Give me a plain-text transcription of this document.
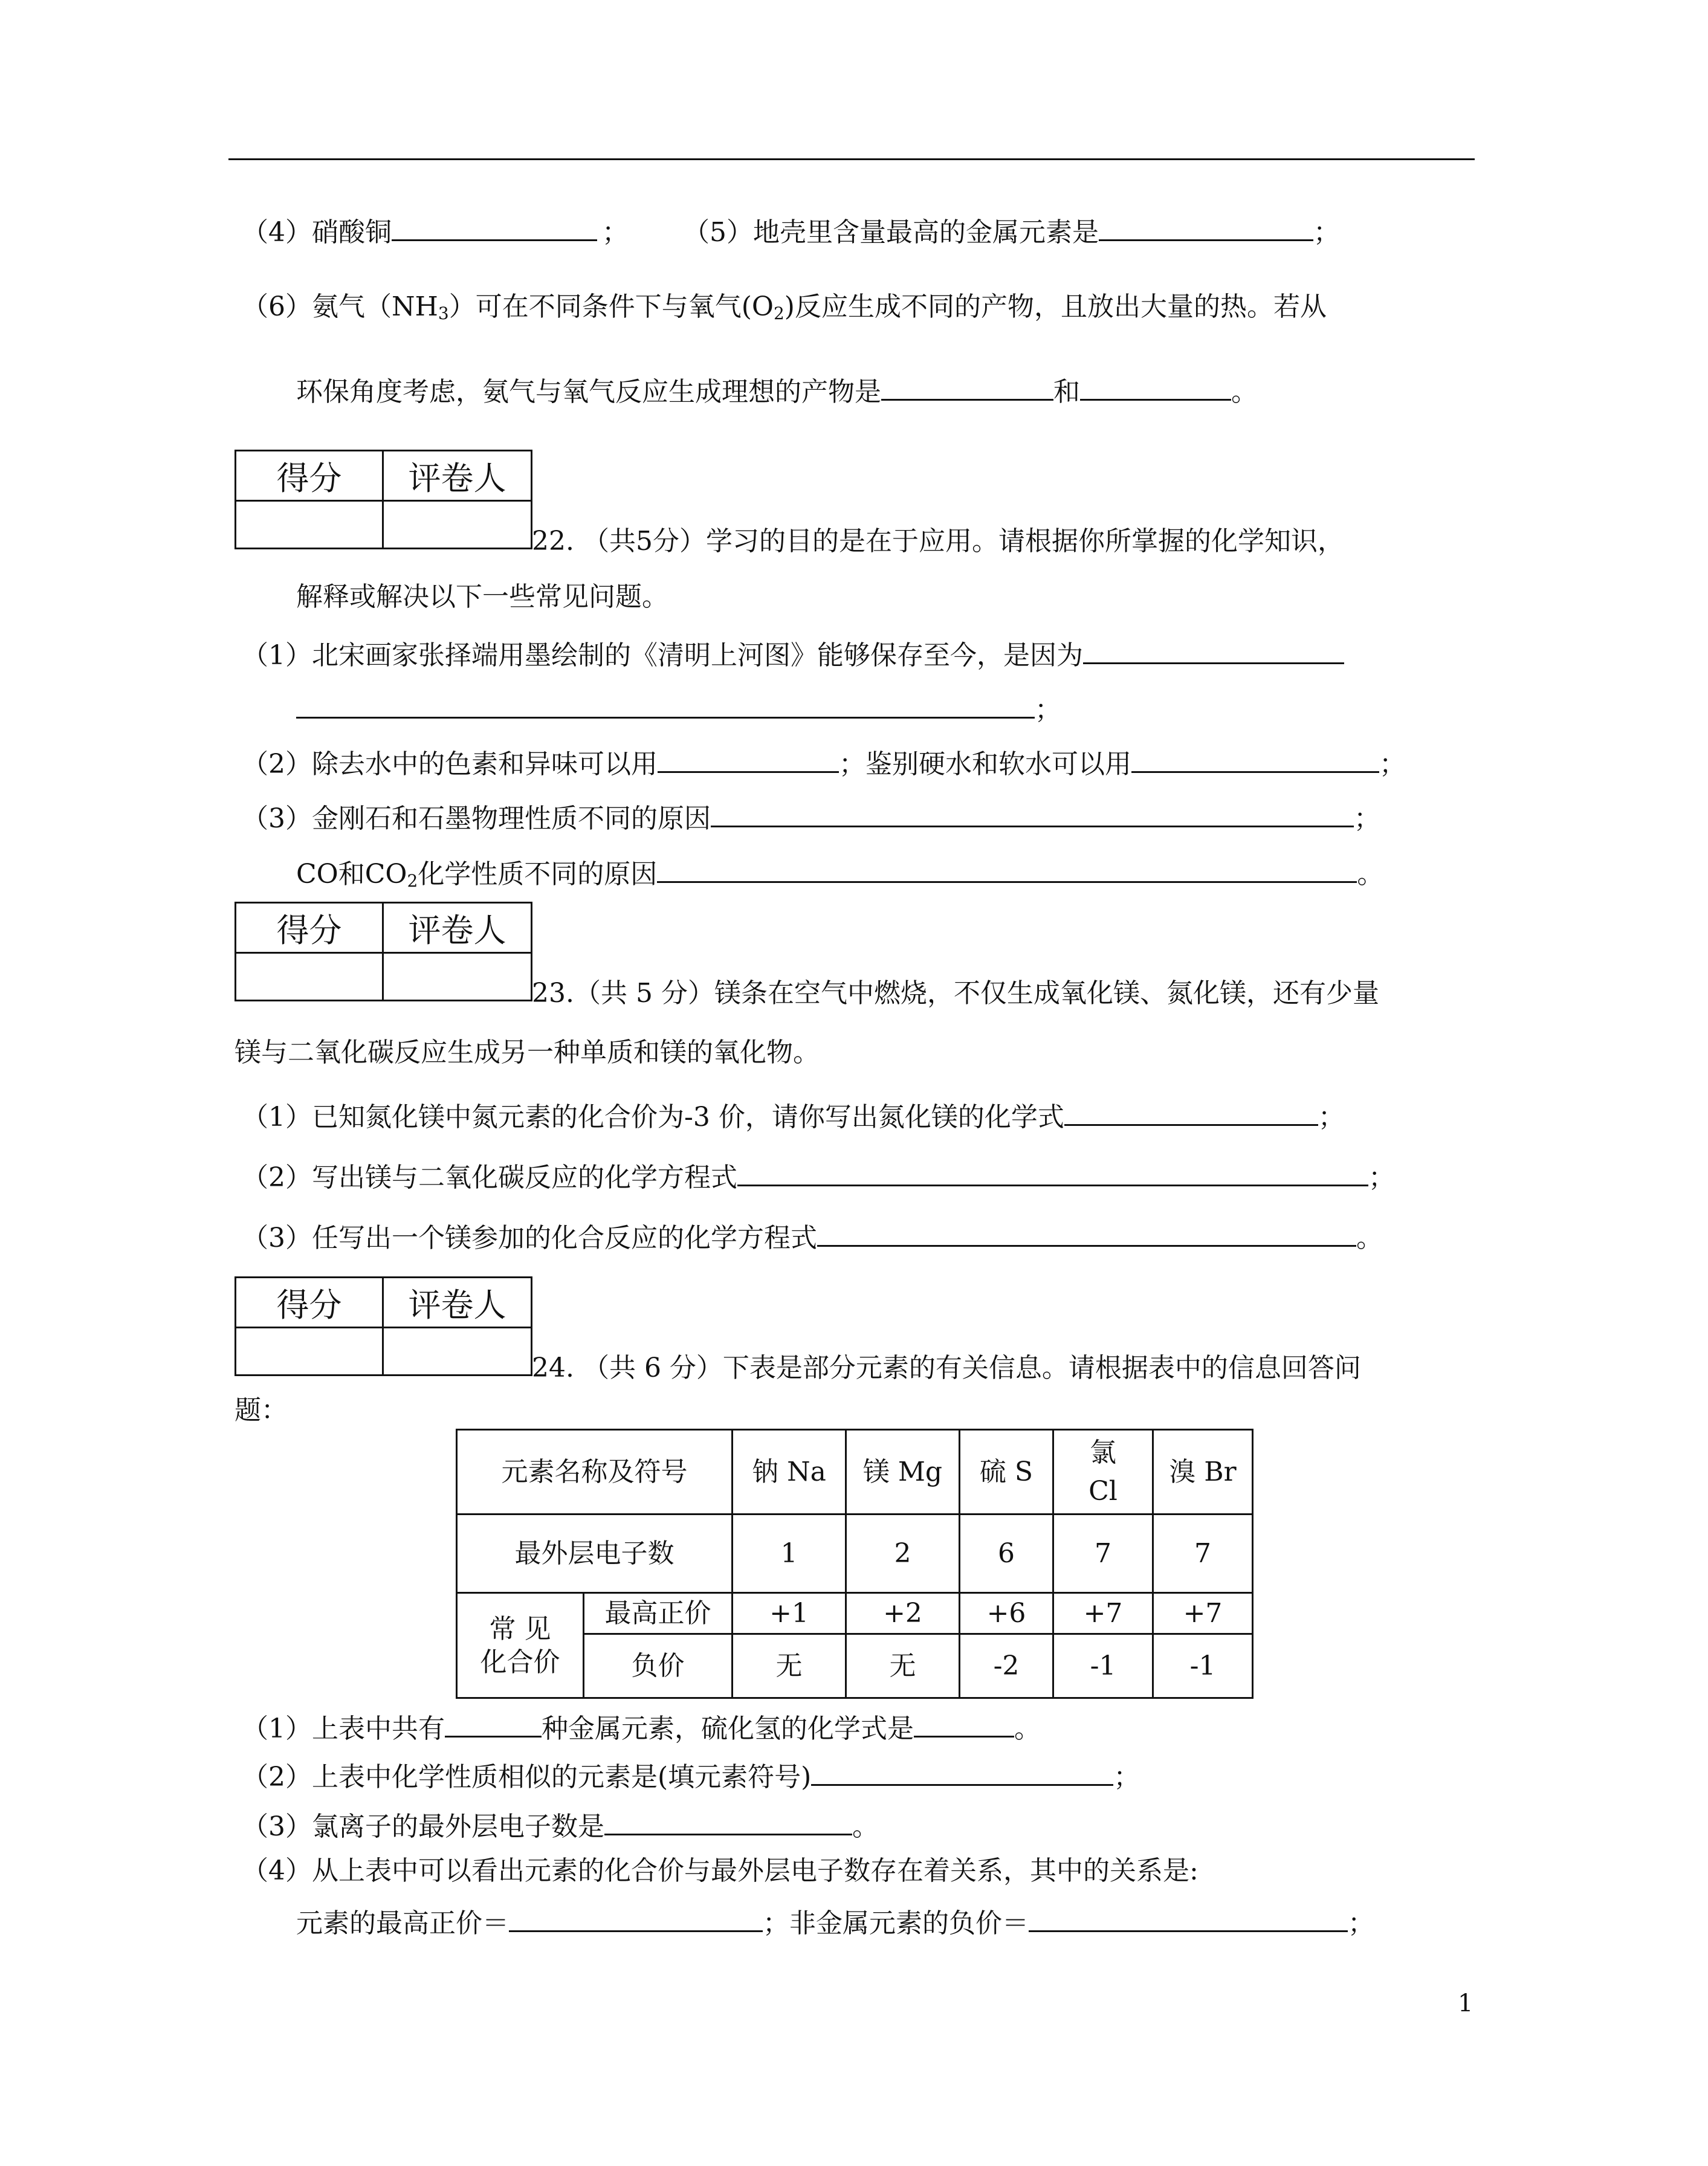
（4）硝酸铜	； （5）地壳里含量最高的金属元素是	；
（6）氨气$(NH_3)$可在不同条件下与氧气$(O_2)$反应生成不同的产物，且放出大量的热。若从
环保角度考虑，氨气与氧气反应生成理想的产物是	和	。
得分	评卷人
22. （共5分）学习的目的是在于应用。请根据你所掌握的化学知识，
解释或解决以下一些常见问题。
（1）北宋画家张择端用墨绘制的《清明上河图》能够保存至今，是因为
；
（2）除去水中的色素和异味可以用	；鉴别硬水和软水可以用	；
（3）金刚石和石墨物理性质不同的原因	；
CO和$CO_2$化学性质不同的原因	。
得分	评卷人
23.（共 5 分）镁条在空气中燃烧，不仅生成氧化镁、氮化镁，还有少量
镁与二氧化碳反应生成另一种单质和镁的氧化物。
（1）已知氮化镁中氮元素的化合价为-3 价，请你写出氮化镁的化学式	；
（2）写出镁与二氧化碳反应的化学方程式	；
（3）任写出一个镁参加的化合反应的化学方程式	。
得分	评卷人
24. （共 6 分）下表是部分元素的有关信息。请根据表中的信息回答问
题：
元素名称及符号		钠 Na	镁 Mg	硫 S	氯
Cl	溴 Br
最外层电子数		1	2	6	7	7
常 见
化合价	最高正价	+1	+2	+6	+7	+7
	负价	无	无	-2	-1	-1
（1）上表中共有	种金属元素，硫化氢的化学式是	。
（2）上表中化学性质相似的元素是(填元素符号)	；
（3）氯离子的最外层电子数是	。
（4）从上表中可以看出元素的化合价与最外层电子数存在着关系，其中的关系是:
元素的最高正价＝	；非金属元素的负价＝	；
1
